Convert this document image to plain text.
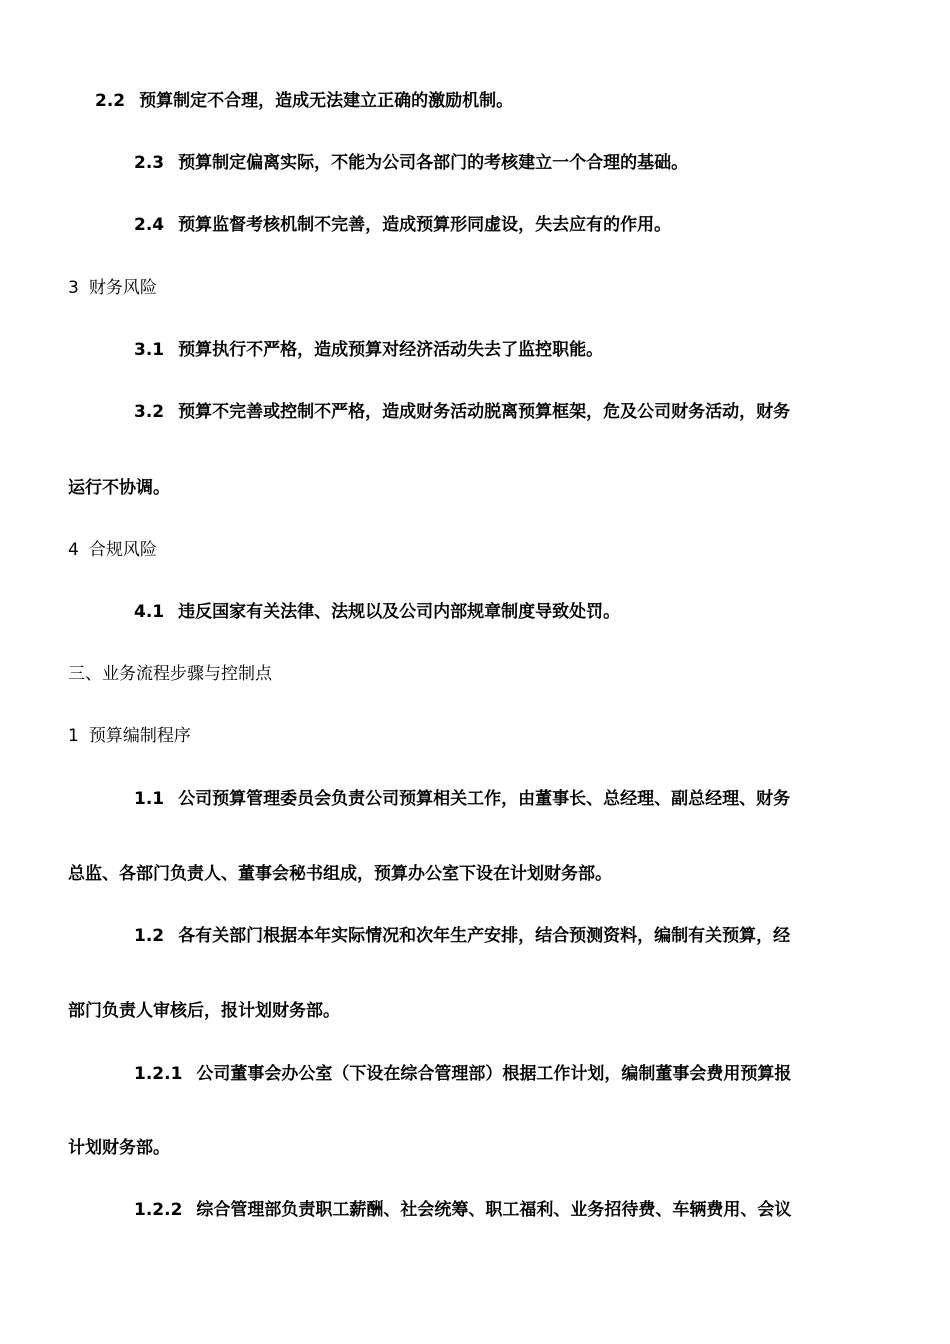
2.2 预算制定不合理，造成无法建立正确的激励机制。
2.3 预算制定偏离实际，不能为公司各部门的考核建立一个合理的基础。
2.4 预算监督考核机制不完善，造成预算形同虚设，失去应有的作用。
3 财务风险
3.1 预算执行不严格，造成预算对经济活动失去了监控职能。
3.2 预算不完善或控制不严格，造成财务活动脱离预算框架，危及公司财务活动，财务
运行不协调。
4 合规风险
4.1 违反国家有关法律、法规以及公司内部规章制度导致处罚。
三、业务流程步骤与控制点
1 预算编制程序
1.1 公司预算管理委员会负责公司预算相关工作，由董事长、总经理、副总经理、财务
总监、各部门负责人、董事会秘书组成，预算办公室下设在计划财务部。
1.2 各有关部门根据本年实际情况和次年生产安排，结合预测资料，编制有关预算，经
部门负责人审核后，报计划财务部。
1.2.1 公司董事会办公室（下设在综合管理部）根据工作计划，编制董事会费用预算报
计划财务部。
1.2.2 综合管理部负责职工薪酬、社会统筹、职工福利、业务招待费、车辆费用、会议
